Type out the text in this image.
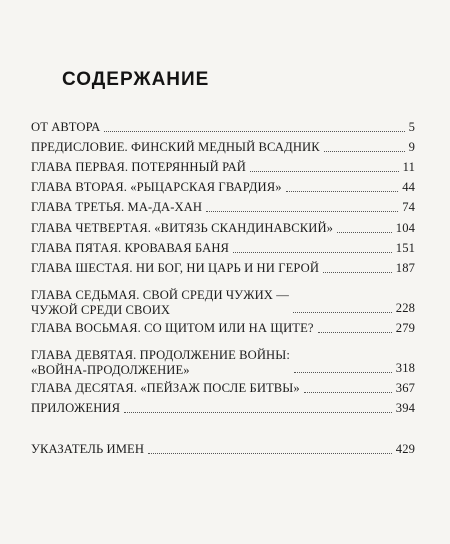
СОДЕРЖАНИЕ
ОТ АВТОРА	5
ПРЕДИСЛОВИЕ. ФИНСКИЙ МЕДНЫЙ ВСАДНИК	9
ГЛАВА ПЕРВАЯ. ПОТЕРЯННЫЙ РАЙ	11
ГЛАВА ВТОРАЯ. «РЫЦАРСКАЯ ГВАРДИЯ»	44
ГЛАВА ТРЕТЬЯ. МА-ДА-ХАН	74
ГЛАВА ЧЕТВЕРТАЯ. «ВИТЯЗЬ СКАНДИНАВСКИЙ»	104
ГЛАВА ПЯТАЯ. КРОВАВАЯ БАНЯ	151
ГЛАВА ШЕСТАЯ. НИ БОГ, НИ ЦАРЬ И НИ ГЕРОЙ	187
ГЛАВА СЕДЬМАЯ. СВОЙ СРЕДИ ЧУЖИХ —
ЧУЖОЙ СРЕДИ СВОИХ	228
ГЛАВА ВОСЬМАЯ. СО ЩИТОМ ИЛИ НА ЩИТЕ?	279
ГЛАВА ДЕВЯТАЯ. ПРОДОЛЖЕНИЕ ВОЙНЫ:
«ВОЙНА-ПРОДОЛЖЕНИЕ»	318
ГЛАВА ДЕСЯТАЯ. «ПЕЙЗАЖ ПОСЛЕ БИТВЫ»	367
ПРИЛОЖЕНИЯ	394
УКАЗАТЕЛЬ ИМЕН	429
